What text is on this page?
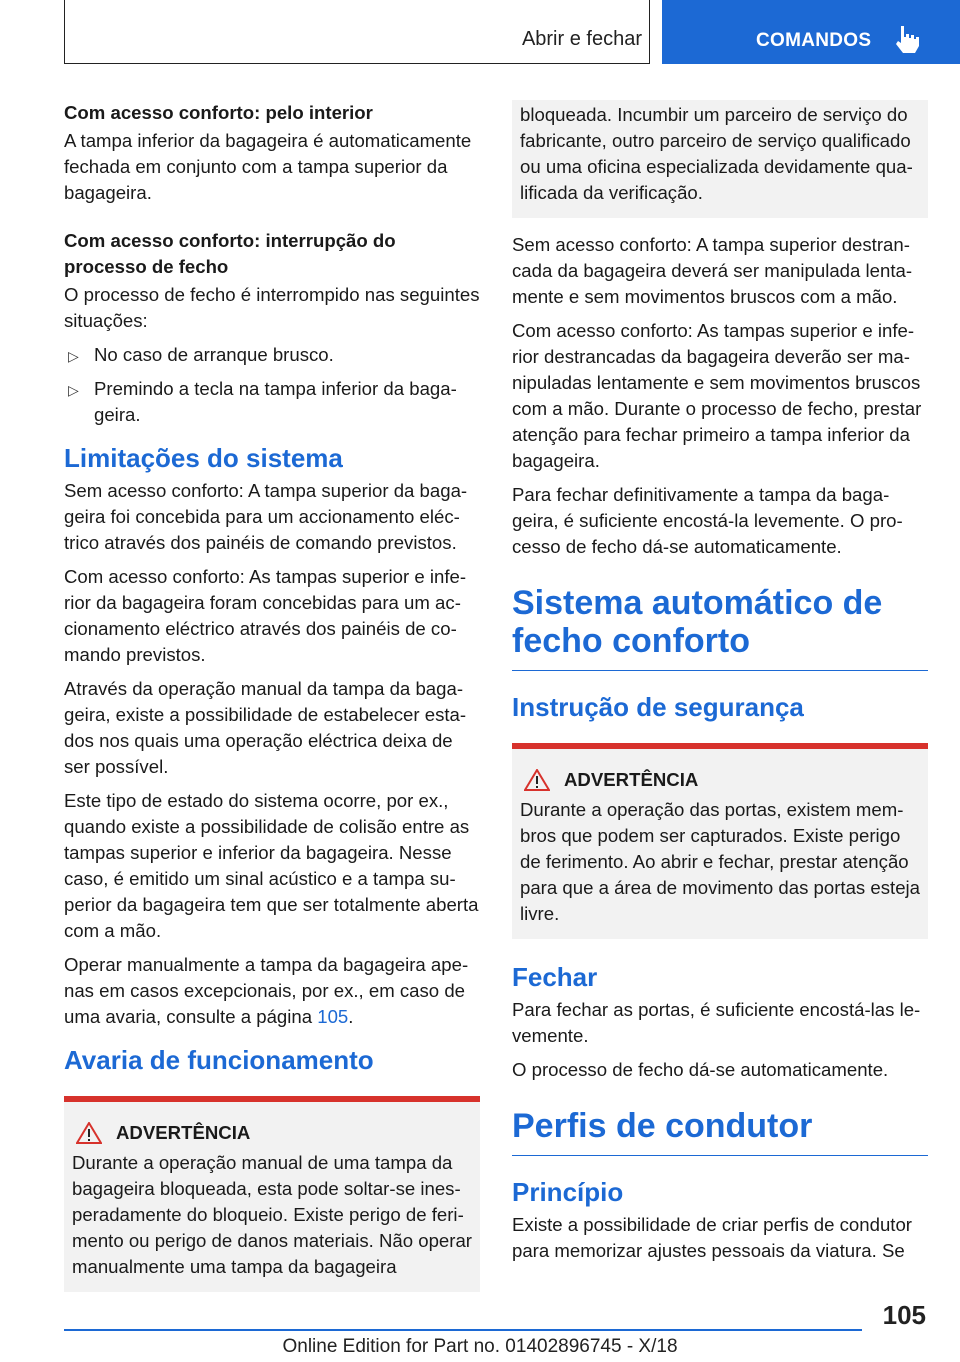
Abrir e fechar	COMANDOS
Com acesso conforto: pelo interior

A tampa inferior da bagageira é automaticamente fechada em conjunto com a tampa superior da bagageira.

Com acesso conforto: interrupção do processo de fecho

O processo de fecho é interrompido nas seguintes situações:

▷ No caso de arranque brusco.
▷ Premindo a tecla na tampa inferior da bagageira.
Limitações do sistema

Sem acesso conforto: A tampa superior da bagageira foi concebida para um accionamento eléctrico através dos painéis de comando previstos.

Com acesso conforto: As tampas superior e inferior da bagageira foram concebidas para um accionamento eléctrico através dos painéis de comando previstos.

Através da operação manual da tampa da bagageira, existe a possibilidade de estabelecer estados nos quais uma operação eléctrica deixa de ser possível.

Este tipo de estado do sistema ocorre, por ex., quando existe a possibilidade de colisão entre as tampas superior e inferior da bagageira. Nesse caso, é emitido um sinal acústico e a tampa superior da bagageira tem que ser totalmente aberta com a mão.

Operar manualmente a tampa da bagageira apenas em casos excepcionais, por ex., em caso de uma avaria, consulte a página 105.

Avaria de funcionamento
ADVERTÊNCIA

Durante a operação manual de uma tampa da bagageira bloqueada, esta pode soltar-se inesperadamente do bloqueio. Existe perigo de ferimento ou perigo de danos materiais. Não operar manualmente uma tampa da bagageira

bloqueada. Incumbir um parceiro de serviço do fabricante, outro parceiro de serviço qualificado ou uma oficina especializada devidamente qualificada da verificação.

Sem acesso conforto: A tampa superior destrancada da bagageira deverá ser manipulada lentamente e sem movimentos bruscos com a mão.

Com acesso conforto: As tampas superior e inferior destrancadas da bagageira deverão ser manipuladas lentamente e sem movimentos bruscos com a mão. Durante o processo de fecho, prestar atenção para fechar primeiro a tampa inferior da bagageira.

Para fechar definitivamente a tampa da bagageira, é suficiente encostá-la levemente. O processo de fecho dá-se automaticamente.

Sistema automático de fecho conforto
Instrução de segurança
ADVERTÊNCIA

Durante a operação das portas, existem membros que podem ser capturados. Existe perigo de ferimento. Ao abrir e fechar, prestar atenção para que a área de movimento das portas esteja livre.

Fechar

Para fechar as portas, é suficiente encostá-las levemente.

O processo de fecho dá-se automaticamente.

Perfis de condutor
Princípio

Existe a possibilidade de criar perfis de condutor para memorizar ajustes pessoais da viatura. Se

105
Online Edition for Part no. 01402896745 - X/18
